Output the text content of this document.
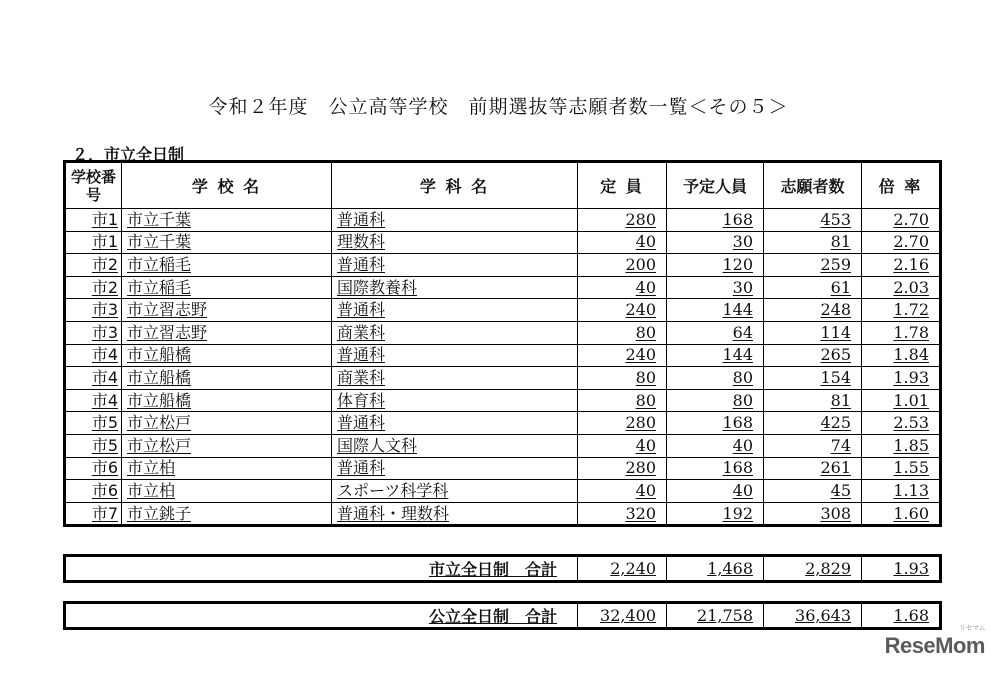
令和２年度　公立高等学校　前期選抜等志願者数一覧＜その５＞
２．市立全日制
学校番号	学 校 名	学 科 名	定 員	予定人員	志願者数	倍 率
市1	市立千葉	普通科	280	168	453	2.70
市1	市立千葉	理数科	40	30	81	2.70
市2	市立稲毛	普通科	200	120	259	2.16
市2	市立稲毛	国際教養科	40	30	61	2.03
市3	市立習志野	普通科	240	144	248	1.72
市3	市立習志野	商業科	80	64	114	1.78
市4	市立船橋	普通科	240	144	265	1.84
市4	市立船橋	商業科	80	80	154	1.93
市4	市立船橋	体育科	80	80	81	1.01
市5	市立松戸	普通科	280	168	425	2.53
市5	市立松戸	国際人文科	40	40	74	1.85
市6	市立柏	普通科	280	168	261	1.55
市6	市立柏	スポーツ科学科	40	40	45	1.13
市7	市立銚子	普通科・理数科	320	192	308	1.60
市立全日制　合計	2,240	1,468	2,829	1.93
公立全日制　合計	32,400	21,758	36,643	1.68
リセマム
ReseMom
